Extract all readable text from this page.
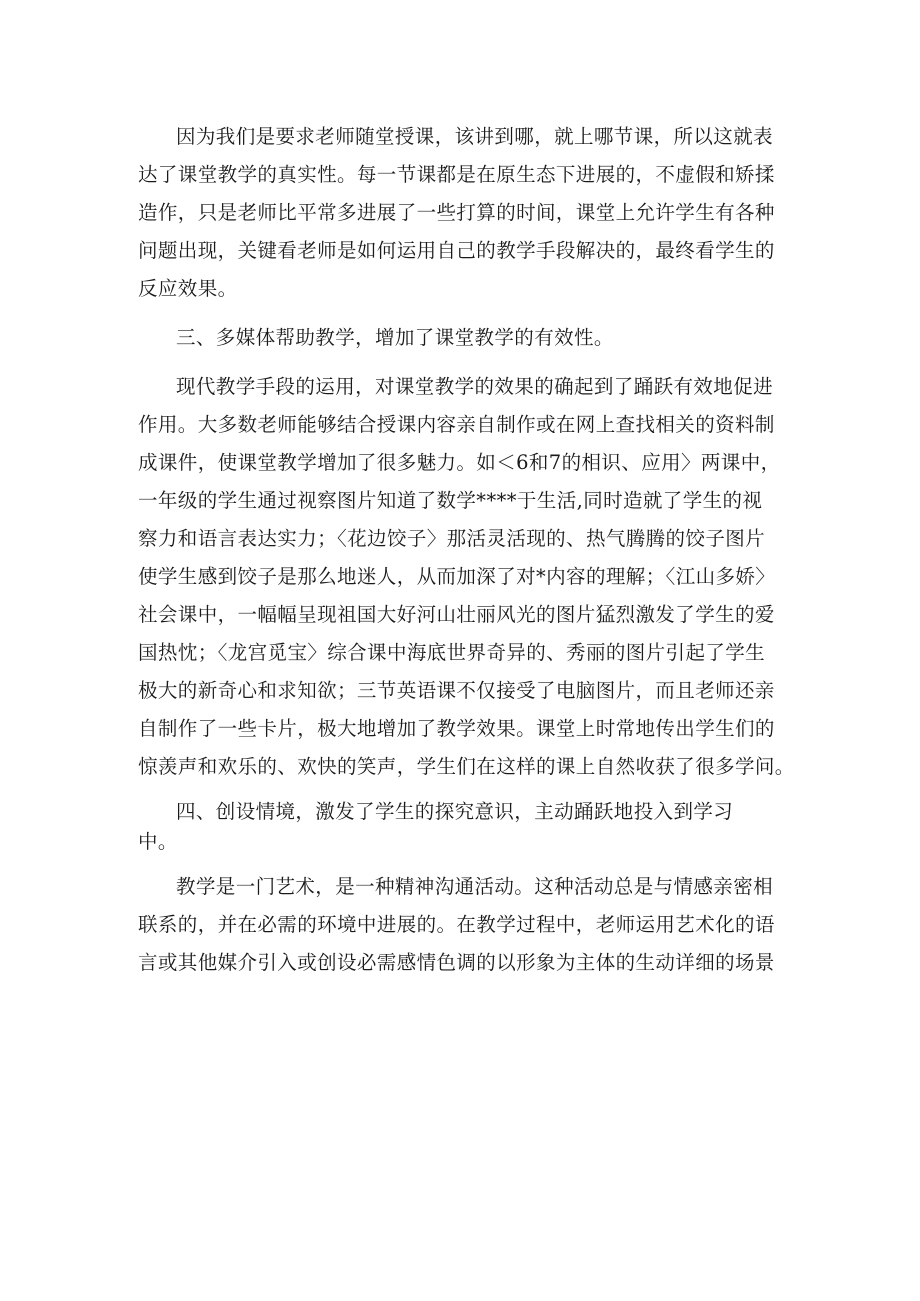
因为我们是要求老师随堂授课，该讲到哪，就上哪节课，所以这就表
达了课堂教学的真实性。每一节课都是在原生态下进展的，不虚假和矫揉
造作，只是老师比平常多进展了一些打算的时间，课堂上允许学生有各种
问题出现，关键看老师是如何运用自己的教学手段解决的，最终看学生的
反应效果。
三、多媒体帮助教学，增加了课堂教学的有效性。
现代教学手段的运用，对课堂教学的效果的确起到了踊跃有效地促进
作用。大多数老师能够结合授课内容亲自制作或在网上查找相关的资料制
成课件，使课堂教学增加了很多魅力。如＜6和7的相识、应用〉两课中，
一年级的学生通过视察图片知道了数学****于生活,同时造就了学生的视
察力和语言表达实力；〈花边饺子〉那活灵活现的、热气腾腾的饺子图片
使学生感到饺子是那么地迷人，从而加深了对*内容的理解；〈江山多娇〉
社会课中，一幅幅呈现祖国大好河山壮丽风光的图片猛烈激发了学生的爱
国热忱；〈龙宫觅宝〉综合课中海底世界奇异的、秀丽的图片引起了学生
极大的新奇心和求知欲；三节英语课不仅接受了电脑图片，而且老师还亲
自制作了一些卡片，极大地增加了教学效果。课堂上时常地传出学生们的
惊羡声和欢乐的、欢快的笑声，学生们在这样的课上自然收获了很多学问。
四、创设情境，激发了学生的探究意识，主动踊跃地投入到学习
中。
教学是一门艺术，是一种精神沟通活动。这种活动总是与情感亲密相
联系的，并在必需的环境中进展的。在教学过程中，老师运用艺术化的语
言或其他媒介引入或创设必需感情色调的以形象为主体的生动详细的场景
